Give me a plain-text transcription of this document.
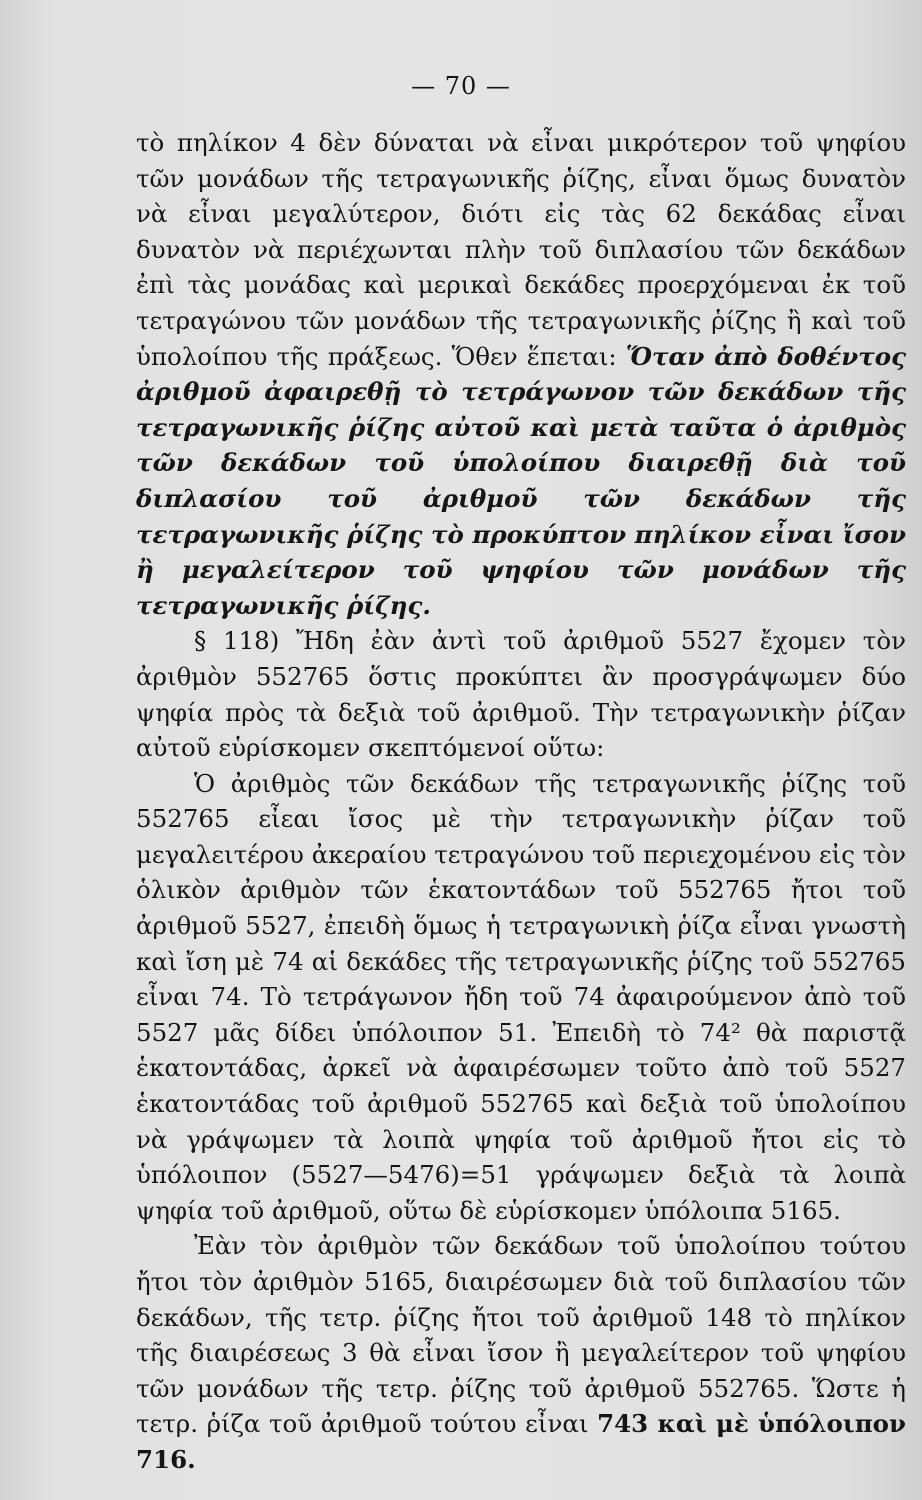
— 70 —

τὸ πηλίκον 4 δὲν δύναται νὰ εἶναι μικρότερον τοῦ ψηφίου τῶν μονάδων τῆς τετραγωνικῆς ῥίζης, εἶναι ὅμως δυνατὸν νὰ εἶναι μεγαλύτερον, διότι εἰς τὰς 62 δεκάδας εἶναι δυνατὸν νὰ περιέχωνται πλὴν τοῦ διπλασίου τῶν δεκάδων ἐπὶ τὰς μονάδας καὶ μερικαὶ δεκάδες προερχόμεναι ἐκ τοῦ τετραγώνου τῶν μονάδων τῆς τετραγωνικῆς ῥίζης ἢ καὶ τοῦ ὑπολοίπου τῆς πράξεως. Ὅθεν ἕπεται: Ὅταν ἀπὸ δοθέντος ἀριθμοῦ ἀφαιρεθῇ τὸ τετράγωνον τῶν δεκάδων τῆς τετραγωνικῆς ῥίζης αὐτοῦ καὶ μετὰ ταῦτα ὁ ἀριθμὸς τῶν δεκάδων τοῦ ὑπολοίπου διαιρεθῇ διὰ τοῦ διπλασίου τοῦ ἀριθμοῦ τῶν δεκάδων τῆς τετραγωνικῆς ῥίζης τὸ προκύπτον πηλίκον εἶναι ἴσον ἢ μεγαλείτερον τοῦ ψηφίου τῶν μονάδων τῆς τετραγωνικῆς ῥίζης.

§ 118) Ἤδη ἐὰν ἀντὶ τοῦ ἀριθμοῦ 5527 ἔχομεν τὸν ἀριθμὸν 552765 ὅστις προκύπτει ἂν προσγράψωμεν δύο ψηφία πρὸς τὰ δεξιὰ τοῦ ἀριθμοῦ. Τὴν τετραγωνικὴν ῥίζαν αὐτοῦ εὑρίσκομεν σκεπτόμενοί οὕτω:

Ὁ ἀριθμὸς τῶν δεκάδων τῆς τετραγωνικῆς ῥίζης τοῦ 552765 εἶεαι ἴσος μὲ τὴν τετραγωνικὴν ῥίζαν τοῦ μεγαλειτέρου ἀκεραίου τετραγώνου τοῦ περιεχομένου εἰς τὸν ὁλικὸν ἀριθμὸν τῶν ἑκατοντάδων τοῦ 552765 ἤτοι τοῦ ἀριθμοῦ 5527, ἐπειδὴ ὅμως ἡ τετραγωνικὴ ῥίζα εἶναι γνωστὴ καὶ ἴση μὲ 74 αἱ δεκάδες τῆς τετραγωνικῆς ῥίζης τοῦ 552765 εἶναι 74. Τὸ τετράγωνον ἤδη τοῦ 74 ἀφαιρούμενον ἀπὸ τοῦ 5527 μᾶς δίδει ὑπόλοιπον 51. Ἐπειδὴ τὸ 74² θὰ παριστᾷ ἑκατοντάδας, ἀρκεῖ νὰ ἀφαιρέσωμεν τοῦτο ἀπὸ τοῦ 5527 ἑκατοντάδας τοῦ ἀριθμοῦ 552765 καὶ δεξιὰ τοῦ ὑπολοίπου νὰ γράψωμεν τὰ λοιπὰ ψηφία τοῦ ἀριθμοῦ ἤτοι εἰς τὸ ὑπόλοιπον (5527—5476)=51 γράψωμεν δεξιὰ τὰ λοιπὰ ψηφία τοῦ ἀριθμοῦ, οὕτω δὲ εὑρίσκομεν ὑπόλοιπα 5165.

Ἐὰν τὸν ἀριθμὸν τῶν δεκάδων τοῦ ὑπολοίπου τούτου ἤτοι τὸν ἀριθμὸν 5165, διαιρέσωμεν διὰ τοῦ διπλασίου τῶν δεκάδων, τῆς τετρ. ῥίζης ἤτοι τοῦ ἀριθμοῦ 148 τὸ πηλίκον τῆς διαιρέσεως 3 θὰ εἶναι ἴσον ἢ μεγαλείτερον τοῦ ψηφίου τῶν μονάδων τῆς τετρ. ῥίζης τοῦ ἀριθμοῦ 552765. Ὥστε ἡ τετρ. ῥίζα τοῦ ἀριθμοῦ τούτου εἶναι 743 καὶ μὲ ὑπόλοιπον 716.
